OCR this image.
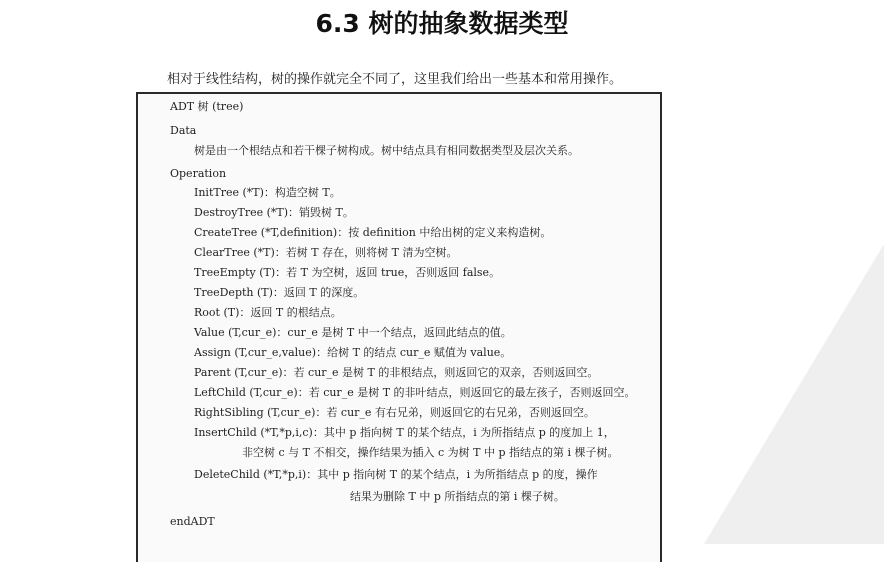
6.3 树的抽象数据类型
相对于线性结构，树的操作就完全不同了，这里我们给出一些基本和常用操作。
ADT 树 (tree)
Data
树是由一个根结点和若干棵子树构成。树中结点具有相同数据类型及层次关系。
Operation
InitTree (*T)：构造空树 T。
DestroyTree (*T)：销毁树 T。
CreateTree (*T,definition)：按 definition 中给出树的定义来构造树。
ClearTree (*T)：若树 T 存在，则将树 T 清为空树。
TreeEmpty (T)：若 T 为空树，返回 true，否则返回 false。
TreeDepth (T)：返回 T 的深度。
Root (T)：返回 T 的根结点。
Value (T,cur_e)：cur_e 是树 T 中一个结点，返回此结点的值。
Assign (T,cur_e,value)：给树 T 的结点 cur_e 赋值为 value。
Parent (T,cur_e)：若 cur_e 是树 T 的非根结点，则返回它的双亲，否则返回空。
LeftChild (T,cur_e)：若 cur_e 是树 T 的非叶结点，则返回它的最左孩子，否则返回空。
RightSibling (T,cur_e)：若 cur_e 有右兄弟，则返回它的右兄弟，否则返回空。
InsertChild (*T,*p,i,c)：其中 p 指向树 T 的某个结点，i 为所指结点 p 的度加上 1，
非空树 c 与 T 不相交，操作结果为插入 c 为树 T 中 p 指结点的第 i 棵子树。
DeleteChild (*T,*p,i)：其中 p 指向树 T 的某个结点，i 为所指结点 p 的度，操作
结果为删除 T 中 p 所指结点的第 i 棵子树。
endADT
